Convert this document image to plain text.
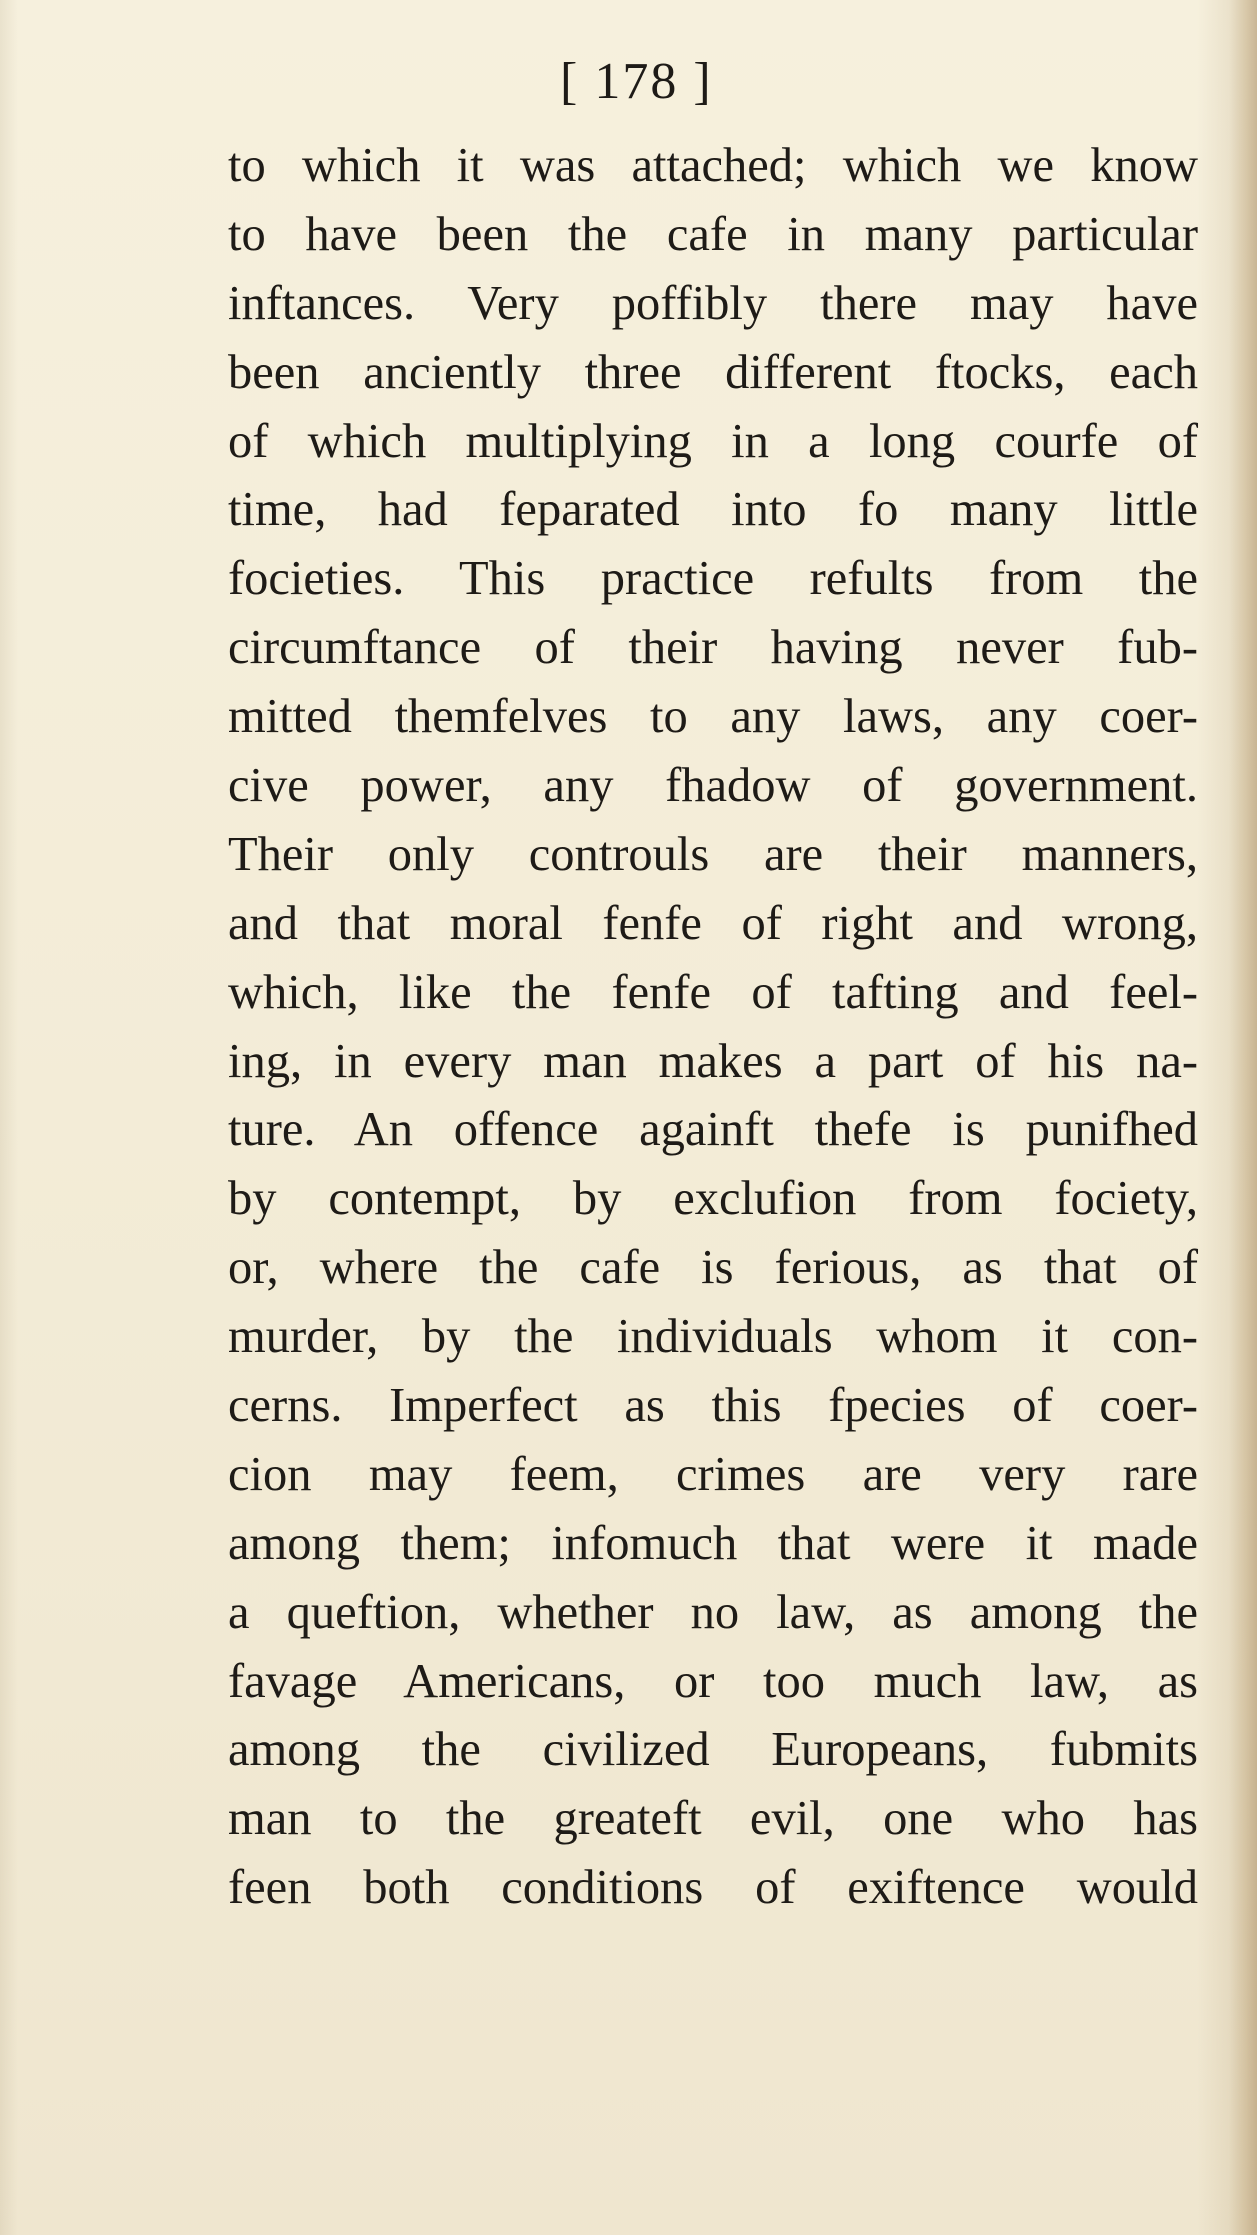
[ 178 ]
to which it was attached; which we know
to have been the cafe in many particular
inftances. Very poffibly there may have
been anciently three different ftocks, each
of which multiplying in a long courfe of
time, had feparated into fo many little
focieties. This practice refults from the
circumftance of their having never fub-
mitted themfelves to any laws, any coer-
cive power, any fhadow of government.
Their only controuls are their manners,
and that moral fenfe of right and wrong,
which, like the fenfe of tafting and feel-
ing, in every man makes a part of his na-
ture. An offence againft thefe is punifhed
by contempt, by exclufion from fociety,
or, where the cafe is ferious, as that of
murder, by the individuals whom it con-
cerns. Imperfect as this fpecies of coer-
cion may feem, crimes are very rare
among them; infomuch that were it made
a queftion, whether no law, as among the
favage Americans, or too much law, as
among the civilized Europeans, fubmits
man to the greateft evil, one who has
feen both conditions of exiftence would
